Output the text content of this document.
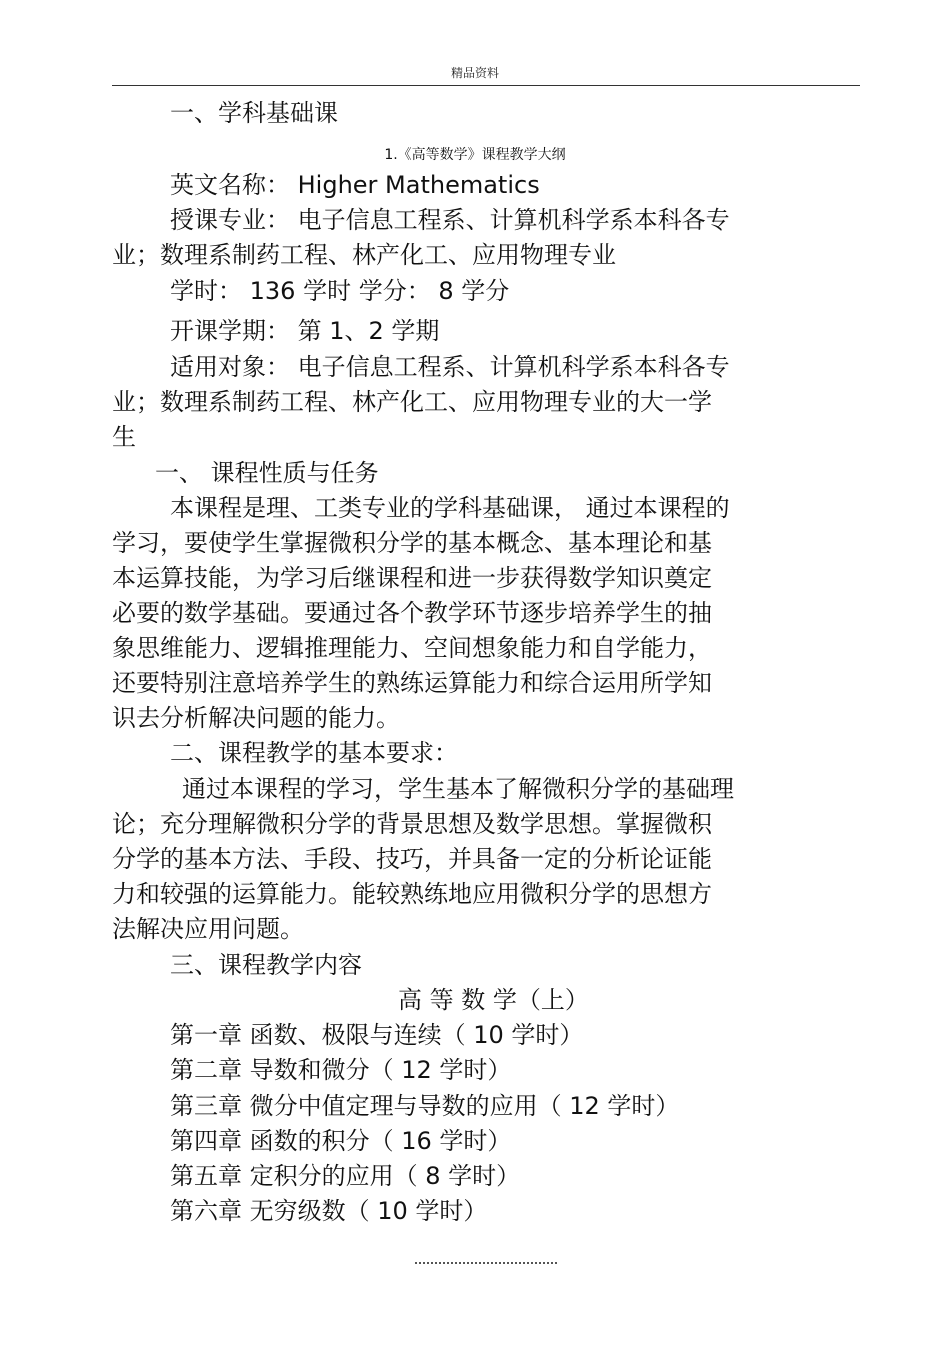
精品资料
一、学科基础课
1.《高等数学》课程教学大纲
英文名称： Higher Mathematics
授课专业： 电子信息工程系、计算机科学系本科各专
业；数理系制药工程、林产化工、应用物理专业
学时： 136 学时 学分： 8 学分
开课学期： 第 1、2 学期
适用对象： 电子信息工程系、计算机科学系本科各专
业；数理系制药工程、林产化工、应用物理专业的大一学
生
一、 课程性质与任务
本课程是理、工类专业的学科基础课， 通过本课程的
学习，要使学生掌握微积分学的基本概念、基本理论和基
本运算技能，为学习后继课程和进一步获得数学知识奠定
必要的数学基础。要通过各个教学环节逐步培养学生的抽
象思维能力、逻辑推理能力、空间想象能力和自学能力，
还要特别注意培养学生的熟练运算能力和综合运用所学知
识去分析解决问题的能力。
二、课程教学的基本要求：
通过本课程的学习，学生基本了解微积分学的基础理
论；充分理解微积分学的背景思想及数学思想。掌握微积
分学的基本方法、手段、技巧，并具备一定的分析论证能
力和较强的运算能力。能较熟练地应用微积分学的思想方
法解决应用问题。
三、课程教学内容
高 等 数 学（上）
第一章 函数、极限与连续（ 10 学时）
第二章 导数和微分（ 12 学时）
第三章 微分中值定理与导数的应用（ 12 学时）
第四章 函数的积分（ 16 学时）
第五章 定积分的应用（ 8 学时）
第六章 无穷级数（ 10 学时）
